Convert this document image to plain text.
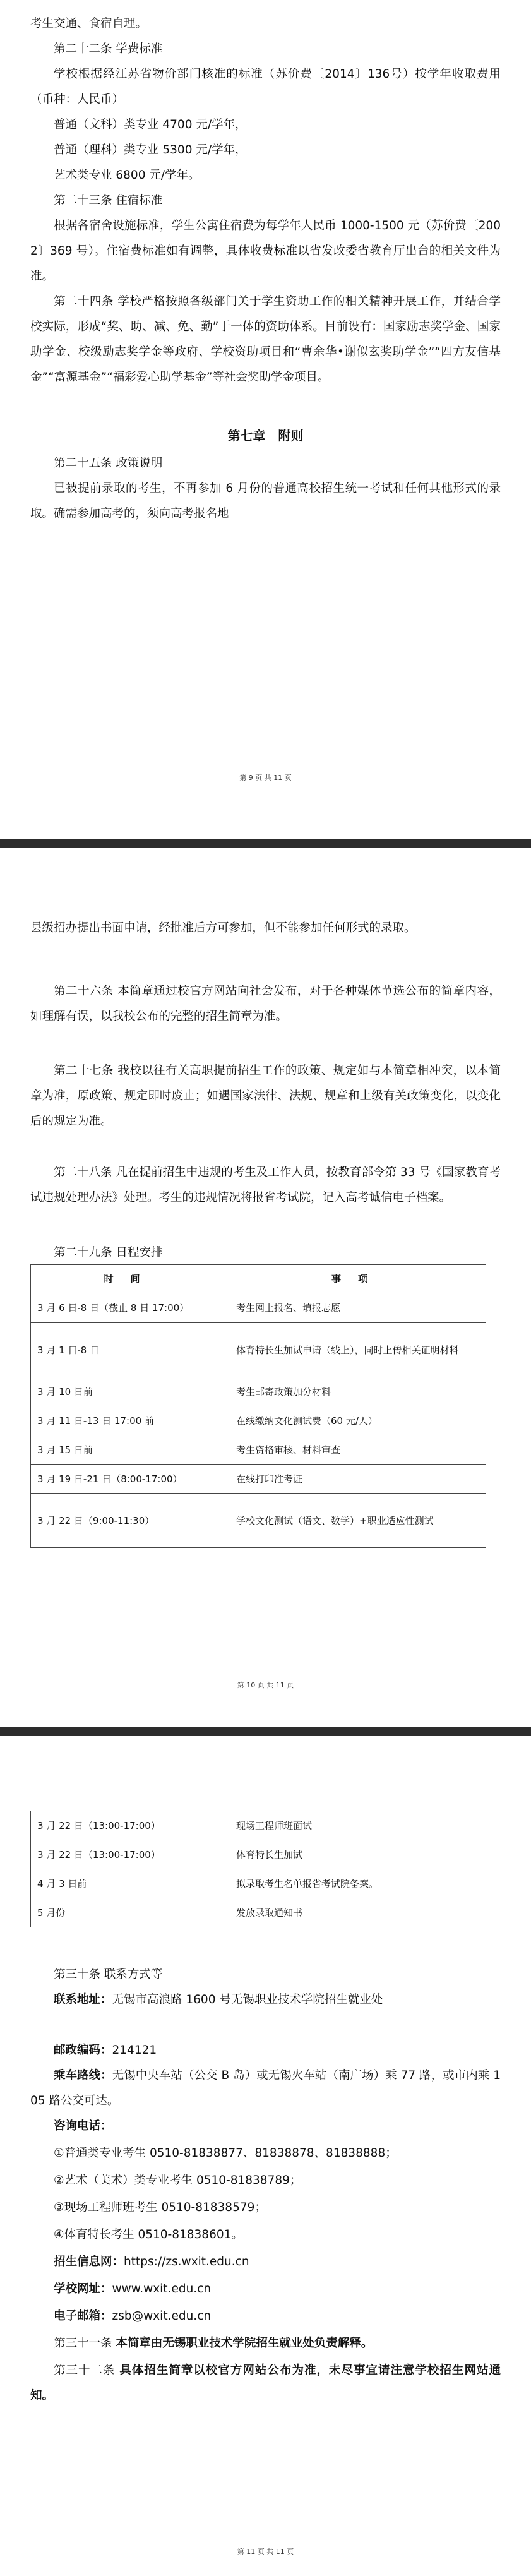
考生交通、食宿自理。

第二十二条 学费标准

学校根据经江苏省物价部门核准的标准（苏价费〔2014〕136号）按学年收取费用（币种：人民币）

普通（文科）类专业 4700 元/学年，

普通（理科）类专业 5300 元/学年，

艺术类专业 6800 元/学年。

第二十三条 住宿标准

根据各宿舍设施标准，学生公寓住宿费为每学年人民币 1000-1500 元（苏价费〔2002〕369 号）。住宿费标准如有调整，具体收费标准以省发改委省教育厅出台的相关文件为准。

第二十四条 学校严格按照各级部门关于学生资助工作的相关精神开展工作，并结合学校实际，形成“奖、助、减、免、勤”于一体的资助体系。目前设有：国家励志奖学金、国家助学金、校级励志奖学金等政府、学校资助项目和“曹余华•谢似玄奖助学金”“四方友信基金”“富源基金”“福彩爱心助学基金”等社会奖助学金项目。

第七章　附则

第二十五条 政策说明

已被提前录取的考生，不再参加 6 月份的普通高校招生统一考试和任何其他形式的录取。确需参加高考的，须向高考报名地

第 9 页 共 11 页

县级招办提出书面申请，经批准后方可参加，但不能参加任何形式的录取。

第二十六条 本简章通过校官方网站向社会发布，对于各种媒体节选公布的简章内容，如理解有误，以我校公布的完整的招生简章为准。

第二十七条 我校以往有关高职提前招生工作的政策、规定如与本简章相冲突，以本简章为准，原政策、规定即时废止；如遇国家法律、法规、规章和上级有关政策变化，以变化后的规定为准。

第二十八条 凡在提前招生中违规的考生及工作人员，按教育部令第 33 号《国家教育考试违规处理办法》处理。考生的违规情况将报省考试院，记入高考诚信电子档案。

第二十九条 日程安排

时　间	事　项
3 月 6 日-8 日（截止 8 日 17:00）	考生网上报名、填报志愿
3 月 1 日-8 日	体育特长生加试申请（线上），同时上传相关证明材料
3 月 10 日前	考生邮寄政策加分材料
3 月 11 日-13 日 17:00 前	在线缴纳文化测试费（60 元/人）
3 月 15 日前	考生资格审核、材料审查
3 月 19 日-21 日（8:00-17:00）	在线打印准考证
3 月 22 日（9:00-11:30）	学校文化测试（语文、数学）+职业适应性测试
第 10 页 共 11 页
3 月 22 日（13:00-17:00）	现场工程师班面试
3 月 22 日（13:00-17:00）	体育特长生加试
4 月 3 日前	拟录取考生名单报省考试院备案。
5 月份	发放录取通知书

第三十条 联系方式等

联系地址：无锡市高浪路 1600 号无锡职业技术学院招生就业处

邮政编码：214121

乘车路线：无锡中央车站（公交 B 岛）或无锡火车站（南广场）乘 77 路，或市内乘 105 路公交可达。

咨询电话：

①普通类专业考生 0510-81838877、81838878、81838888；

②艺术（美术）类专业考生 0510-81838789；

③现场工程师班考生 0510-81838579；

④体育特长考生 0510-81838601。

招生信息网：https://zs.wxit.edu.cn

学校网址：www.wxit.edu.cn

电子邮箱：zsb@wxit.edu.cn

第三十一条 本简章由无锡职业技术学院招生就业处负责解释。

第三十二条 具体招生简章以校官方网站公布为准，未尽事宜请注意学校招生网站通知。

第 11 页 共 11 页
